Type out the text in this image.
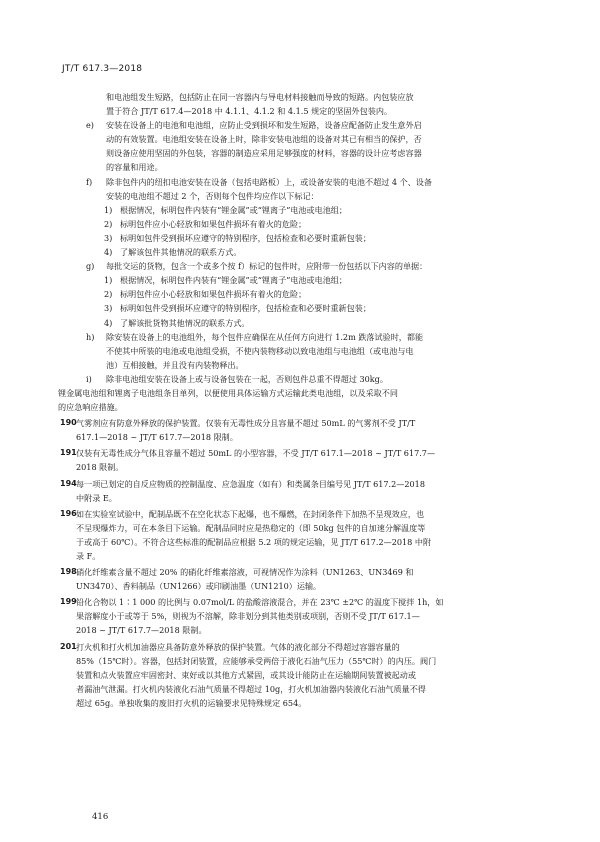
JT/T 617.3—2018
和电池组发生短路，包括防止在同一容器内与导电材料接触而导致的短路。内包装应放
置于符合 JT/T 617.4—2018 中 4.1.1、4.1.2 和 4.1.5 规定的坚固外包装内。
e) 安装在设备上的电池和电池组，应防止受到损坏和发生短路，设备应配备防止发生意外启
动的有效装置。电池组安装在设备上时，除非安装电池组的设备对其已有相当的保护，否
则设备应使用坚固的外包装，容器的制造应采用足够强度的材料，容器的设计应考虑容器
的容量和用途。
f) 除非包件内的纽扣电池安装在设备（包括电路板）上，或设备安装的电池不超过 4 个、设备
安装的电池组不超过 2 个，否则每个包件均应作以下标记：
1) 根据情况，标明包件内装有“锂金属”或“锂离子”电池或电池组；
2) 标明包件应小心轻放和如果包件损坏有着火的危险；
3) 标明如包件受到损坏应遵守的特别程序，包括检查和必要时重新包装；
4) 了解该包件其他情况的联系方式。
g) 每批交运的货物，包含一个或多个按 f）标记的包件时，应附带一份包括以下内容的单据：
1) 根据情况，标明包件内装有“锂金属”或“锂离子”电池或电池组；
2) 标明包件应小心轻放和如果包件损坏有着火的危险；
3) 标明如包件受到损坏应遵守的特别程序，包括检查和必要时重新包装；
4) 了解该批货物其他情况的联系方式。
h) 除安装在设备上的电池组外，每个包件应确保在从任何方向进行 1.2m 跌落试验时，都能
不使其中所装的电池或电池组受损，不使内装物移动以致电池组与电池组（或电池与电
池）互相接触，并且没有内装物释出。
i) 除非电池组安装在设备上或与设备包装在一起，否则包件总重不得超过 30kg。
锂金属电池组和锂离子电池组条目单列，以便使用具体运输方式运输此类电池组，以及采取不同
的应急响应措施。
190 气雾剂应有防意外释放的保护装置。仅装有无毒性成分且容量不超过 50mL 的气雾剂不受 JT/T
617.1—2018 ~ JT/T 617.7—2018 限制。
191 仅装有无毒性成分气体且容量不超过 50mL 的小型容器，不受 JT/T 617.1—2018 ~ JT/T 617.7—
2018 限制。
194 每一项已划定的自反应物质的控制温度、应急温度（如有）和类属条目编号见 JT/T 617.2—2018
中附录 E。
196 如在实验室试验中，配制品既不在空化状态下起爆，也不爆燃，在封闭条件下加热不呈现效应，也
不呈现爆炸力，可在本条目下运输。配制品同时应是热稳定的（即 50kg 包件的自加速分解温度等
于或高于 60℃）。不符合这些标准的配制品应根据 5.2 项的规定运输，见 JT/T 617.2—2018 中附
录 F。
198 硝化纤维素含量不超过 20% 的硝化纤维素溶液，可视情况作为涂料（UN1263、UN3469 和
UN3470）、香料制品（UN1266）或印刷油墨（UN1210）运输。
199 铅化合物以 1∶1 000 的比例与 0.07mol/L 的盐酸溶液混合，并在 23℃ ±2℃ 的温度下搅拌 1h，如
果溶解度小于或等于 5%，则视为不溶解，除非划分到其他类别或项别，否则不受 JT/T 617.1—
2018 ~ JT/T 617.7—2018 限制。
201 打火机和打火机加油器应具备防意外释放的保护装置。气体的液化部分不得超过容器容量的
85%（15℃时）。容器，包括封闭装置，应能够承受两倍于液化石油气压力（55℃时）的内压。阀门
装置和点火装置应牢固密封、束好或以其他方式紧固，或其设计能防止在运输期间装置被起动或
者漏油气泄漏。打火机内装液化石油气质量不得超过 10g，打火机加油器内装液化石油气质量不得
超过 65g。单独收集的废旧打火机的运输要求见特殊规定 654。
416
